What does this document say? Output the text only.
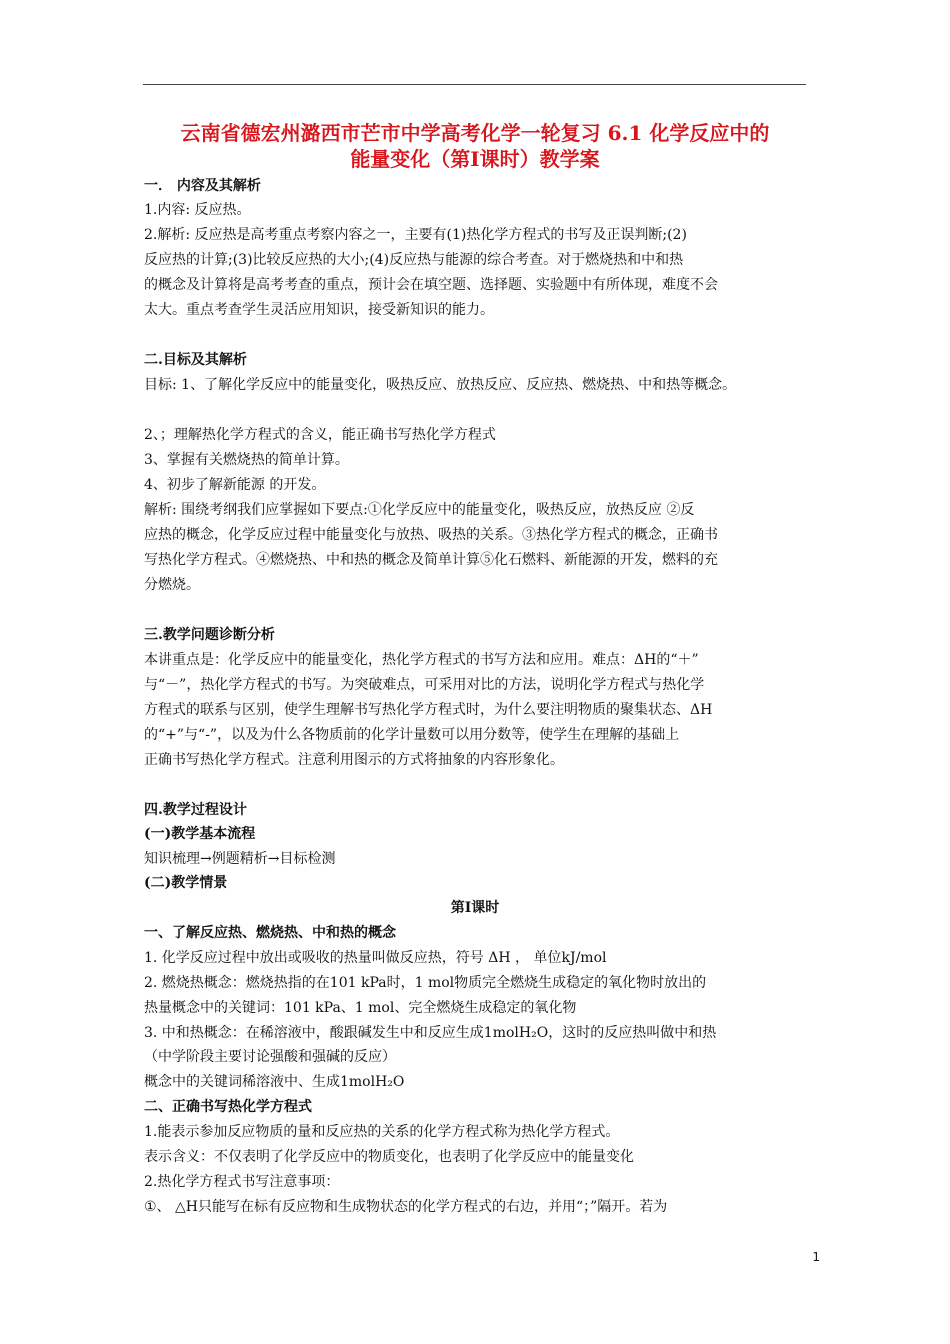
云南省德宏州潞西市芒市中学高考化学一轮复习 6.1 化学反应中的
能量变化（第Ⅰ课时）教学案
一． 内容及其解析
1.内容: 反应热。
2.解析: 反应热是高考重点考察内容之一，主要有(1)热化学方程式的书写及正误判断;(2)
反应热的计算;(3)比较反应热的大小;(4)反应热与能源的综合考查。对于燃烧热和中和热
的概念及计算将是高考考查的重点，预计会在填空题、选择题、实验题中有所体现，难度不会
太大。重点考查学生灵活应用知识，接受新知识的能力。
二.目标及其解析
目标: 1、了解化学反应中的能量变化，吸热反应、放热反应、反应热、燃烧热、中和热等概念。
2、；理解热化学方程式的含义，能正确书写热化学方程式
3、掌握有关燃烧热的简单计算。
4、初步了解新能源 的开发。
解析: 围绕考纲我们应掌握如下要点:①化学反应中的能量变化，吸热反应，放热反应 ②反
应热的概念，化学反应过程中能量变化与放热、吸热的关系。③热化学方程式的概念，正确书
写热化学方程式。④燃烧热、中和热的概念及简单计算⑤化石燃料、新能源的开发，燃料的充
分燃烧。
三.教学问题诊断分析
本讲重点是：化学反应中的能量变化，热化学方程式的书写方法和应用。难点：ΔH的“＋”
与“－”，热化学方程式的书写。为突破难点，可采用对比的方法，说明化学方程式与热化学
方程式的联系与区别，使学生理解书写热化学方程式时，为什么要注明物质的聚集状态、ΔH
的“+”与“-”，以及为什么各物质前的化学计量数可以用分数等，使学生在理解的基础上
正确书写热化学方程式。注意利用图示的方式将抽象的内容形象化。
四.教学过程设计
(一)教学基本流程
知识梳理→例题精析→目标检测
(二)教学情景
第Ⅰ课时
一、了解反应热、燃烧热、中和热的概念
1. 化学反应过程中放出或吸收的热量叫做反应热，符号 ΔH ， 单位kJ/mol
2. 燃烧热概念：燃烧热指的在101 kPa时，1 mol物质完全燃烧生成稳定的氧化物时放出的
热量概念中的关键词：101 kPa、1 mol、完全燃烧生成稳定的氧化物
3. 中和热概念：在稀溶液中，酸跟碱发生中和反应生成1molH₂O，这时的反应热叫做中和热
（中学阶段主要讨论强酸和强碱的反应）
概念中的关键词稀溶液中、生成1molH₂O
二、正确书写热化学方程式
1.能表示参加反应物质的量和反应热的关系的化学方程式称为热化学方程式。
表示含义：不仅表明了化学反应中的物质变化，也表明了化学反应中的能量变化
2.热化学方程式书写注意事项：
①、 △H只能写在标有反应物和生成物状态的化学方程式的右边，并用“；”隔开。若为
1
